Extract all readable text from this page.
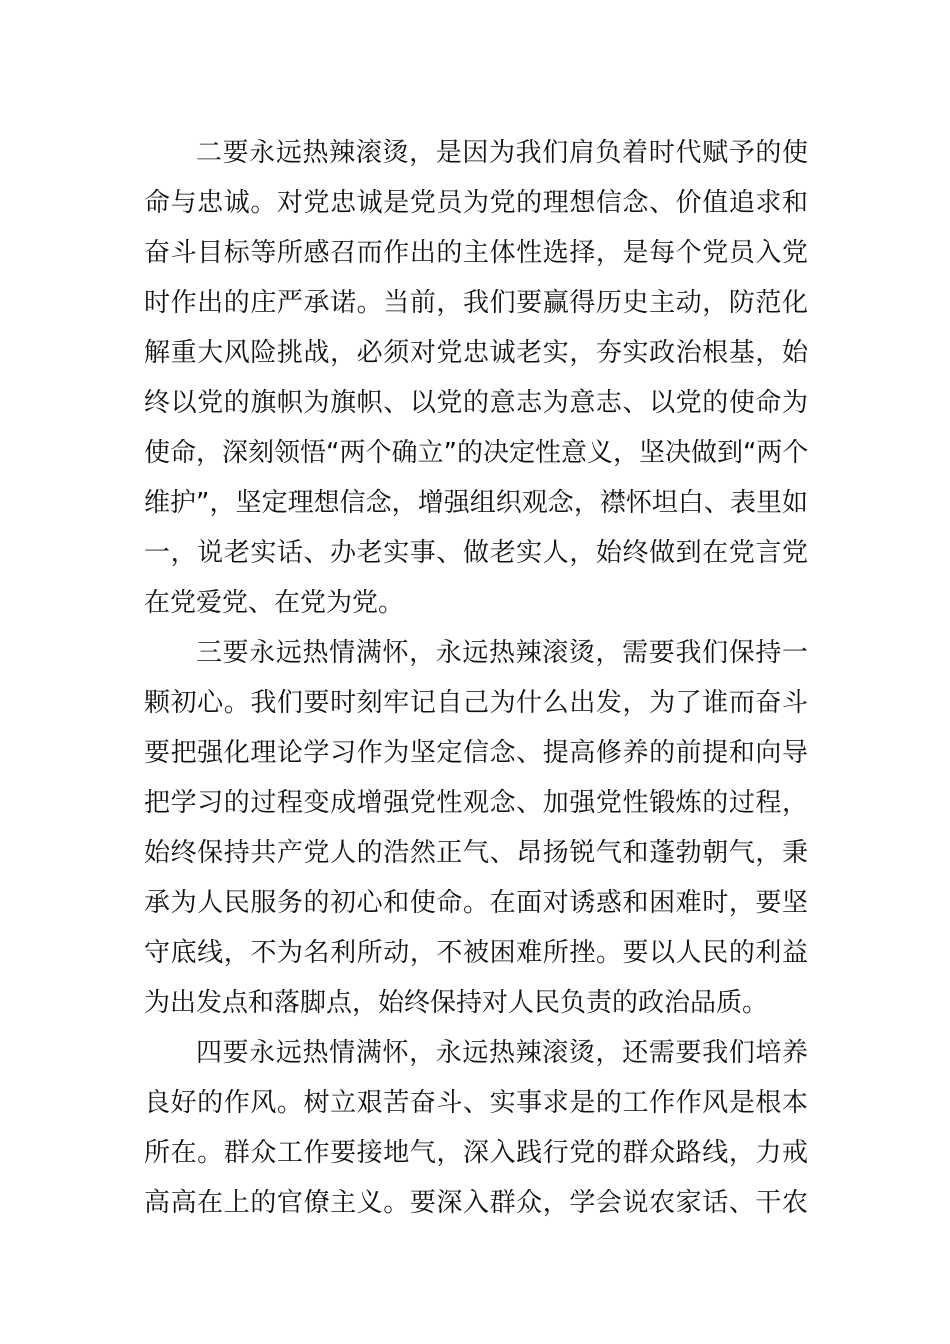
二要永远热辣滚烫，是因为我们肩负着时代赋予的使
命与忠诚。对党忠诚是党员为党的理想信念、价值追求和
奋斗目标等所感召而作出的主体性选择，是每个党员入党
时作出的庄严承诺。当前，我们要赢得历史主动，防范化
解重大风险挑战，必须对党忠诚老实，夯实政治根基，始
终以党的旗帜为旗帜、以党的意志为意志、以党的使命为
使命，深刻领悟“两个确立”的决定性意义，坚决做到“两个
维护”，坚定理想信念，增强组织观念，襟怀坦白、表里如
一，说老实话、办老实事、做老实人，始终做到在党言党
在党爱党、在党为党。

三要永远热情满怀，永远热辣滚烫，需要我们保持一
颗初心。我们要时刻牢记自己为什么出发，为了谁而奋斗
要把强化理论学习作为坚定信念、提高修养的前提和向导
把学习的过程变成增强党性观念、加强党性锻炼的过程，
始终保持共产党人的浩然正气、昂扬锐气和蓬勃朝气，秉
承为人民服务的初心和使命。在面对诱惑和困难时，要坚
守底线，不为名利所动，不被困难所挫。要以人民的利益
为出发点和落脚点，始终保持对人民负责的政治品质。

四要永远热情满怀，永远热辣滚烫，还需要我们培养
良好的作风。树立艰苦奋斗、实事求是的工作作风是根本
所在。群众工作要接地气，深入践行党的群众路线，力戒
高高在上的官僚主义。要深入群众，学会说农家话、干农
